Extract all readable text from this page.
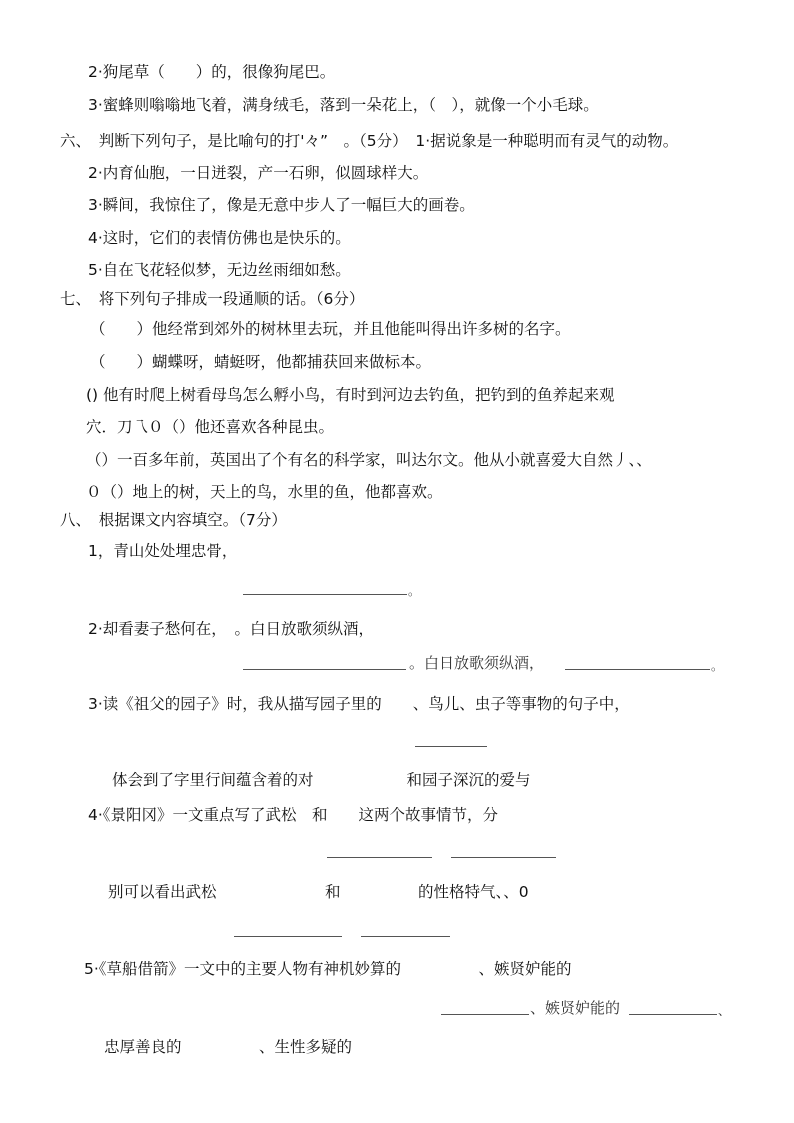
2·狗尾草（　　）的，很像狗尾巴。
3·蜜蜂则嗡嗡地飞着，满身绒毛，落到一朵花上，（　），就像一个小毛球。
六、　判断下列句子，是比喻句的打'々”　。（5分）　1·据说象是一种聪明而有灵气的动物。
2·内育仙胞，一日迸裂，产一石卵，似圆球样大。
3·瞬间，我惊住了，像是无意中步人了一幅巨大的画卷。
4·这时，它们的表情仿佛也是快乐的。
5·自在飞花轻似梦，无边丝雨细如愁。
七、　将下列句子排成一段通顺的话。（6分）
（　　）他经常到郊外的树林里去玩，并且他能叫得出许多树的名字。
（　　）蝴蝶呀，蜻蜓呀，他都捕获回来做标本。
() 他有时爬上树看母鸟怎么孵小鸟，有时到河边去钓鱼，把钓到的鱼养起来观
穴．刀乁０（）他还喜欢各种昆虫。
（）一百多年前，英国出了个有名的科学家，叫达尔文。他从小就喜爱大自然丿、、
０（）地上的树，天上的鸟，水里的鱼，他都喜欢。
八、　根据课文内容填空。（7分）
1，青山处处埋忠骨，
。
2·却看妻子愁何在，　。白日放歌须纵酒，
。白日放歌须纵酒，	。
3·读《祖父的园子》时，我从描写园子里的　　、鸟儿、虫子等事物的句子中，
体会到了字里行间蕴含着的对　　　　　　和园子深沉的爱与
4·《景阳冈》一文重点写了武松　和　　这两个故事情节，分
别可以看出武松　　　　　　　和　　　　　的性格特气、、0
5·《草船借箭》一文中的主要人物有神机妙算的　　　　　、嫉贤妒能的
、嫉贤妒能的	、
忠厚善良的　　　　　、生性多疑的
